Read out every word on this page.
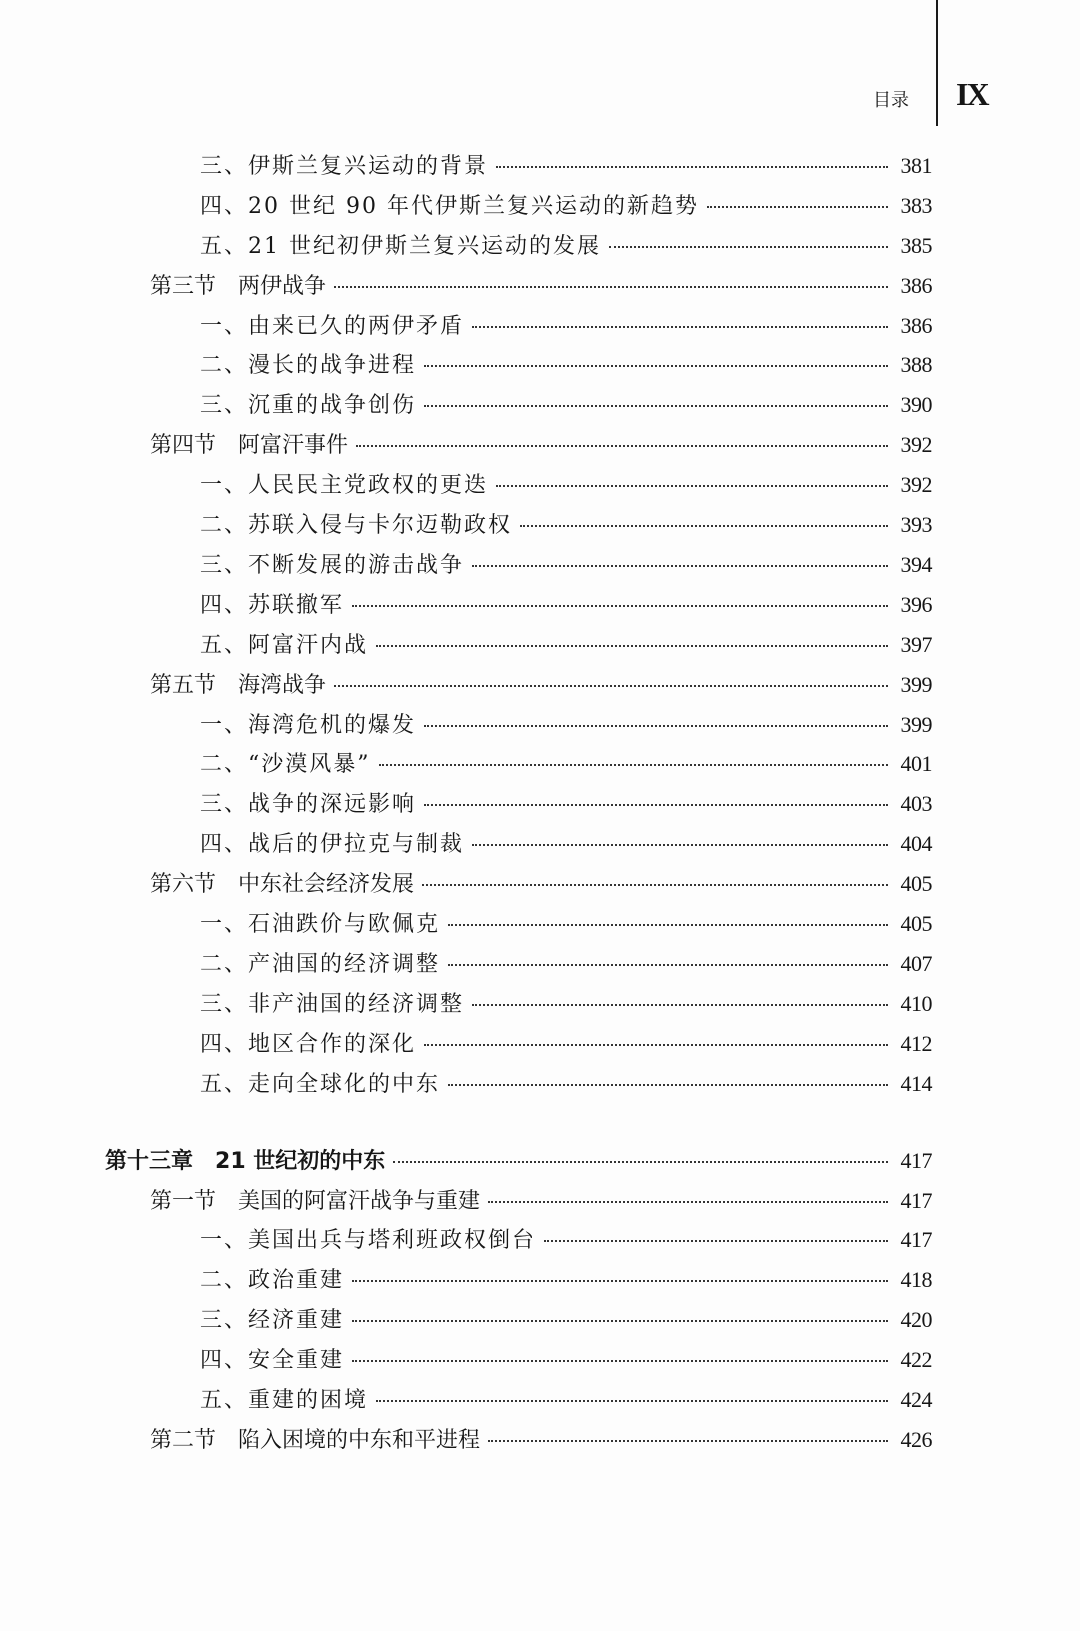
目录 IX
三、 伊斯兰复兴运动的背景	381
四、 20 世纪 90 年代伊斯兰复兴运动的新趋势	383
五、 21 世纪初伊斯兰复兴运动的发展	385
第三节 两伊战争	386
一、 由来已久的两伊矛盾	386
二、 漫长的战争进程	388
三、 沉重的战争创伤	390
第四节 阿富汗事件	392
一、 人民民主党政权的更迭	392
二、 苏联入侵与卡尔迈勒政权	393
三、 不断发展的游击战争	394
四、 苏联撤军	396
五、 阿富汗内战	397
第五节 海湾战争	399
一、 海湾危机的爆发	399
二、 “沙漠风暴”	401
三、 战争的深远影响	403
四、 战后的伊拉克与制裁	404
第六节 中东社会经济发展	405
一、 石油跌价与欧佩克	405
二、 产油国的经济调整	407
三、 非产油国的经济调整	410
四、 地区合作的深化	412
五、 走向全球化的中东	414
第十三章 21 世纪初的中东	417
第一节 美国的阿富汗战争与重建	417
一、 美国出兵与塔利班政权倒台	417
二、 政治重建	418
三、 经济重建	420
四、 安全重建	422
五、 重建的困境	424
第二节 陷入困境的中东和平进程	426
